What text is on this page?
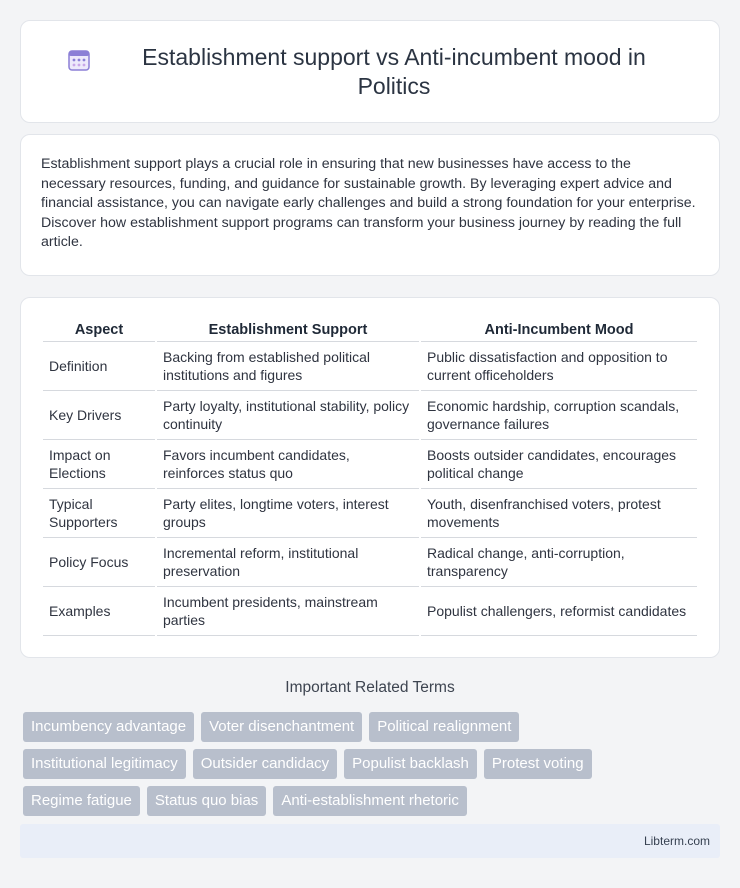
Establishment support vs Anti-incumbent mood in Politics

Establishment support plays a crucial role in ensuring that new businesses have access to the necessary resources, funding, and guidance for sustainable growth. By leveraging expert advice and financial assistance, you can navigate early challenges and build a strong foundation for your enterprise. Discover how establishment support programs can transform your business journey by reading the full article.

Aspect	Establishment Support	Anti-Incumbent Mood
Definition	Backing from established political institutions and figures	Public dissatisfaction and opposition to current officeholders
Key Drivers	Party loyalty, institutional stability, policy continuity	Economic hardship, corruption scandals, governance failures
Impact on Elections	Favors incumbent candidates, reinforces status quo	Boosts outsider candidates, encourages political change
Typical Supporters	Party elites, longtime voters, interest groups	Youth, disenfranchised voters, protest movements
Policy Focus	Incremental reform, institutional preservation	Radical change, anti-corruption, transparency
Examples	Incumbent presidents, mainstream parties	Populist challengers, reformist candidates
Important Related Terms
Incumbency advantage	Voter disenchantment	Political realignment
Institutional legitimacy	Outsider candidacy	Populist backlash	Protest voting
Regime fatigue	Status quo bias	Anti-establishment rhetoric
Libterm.com
